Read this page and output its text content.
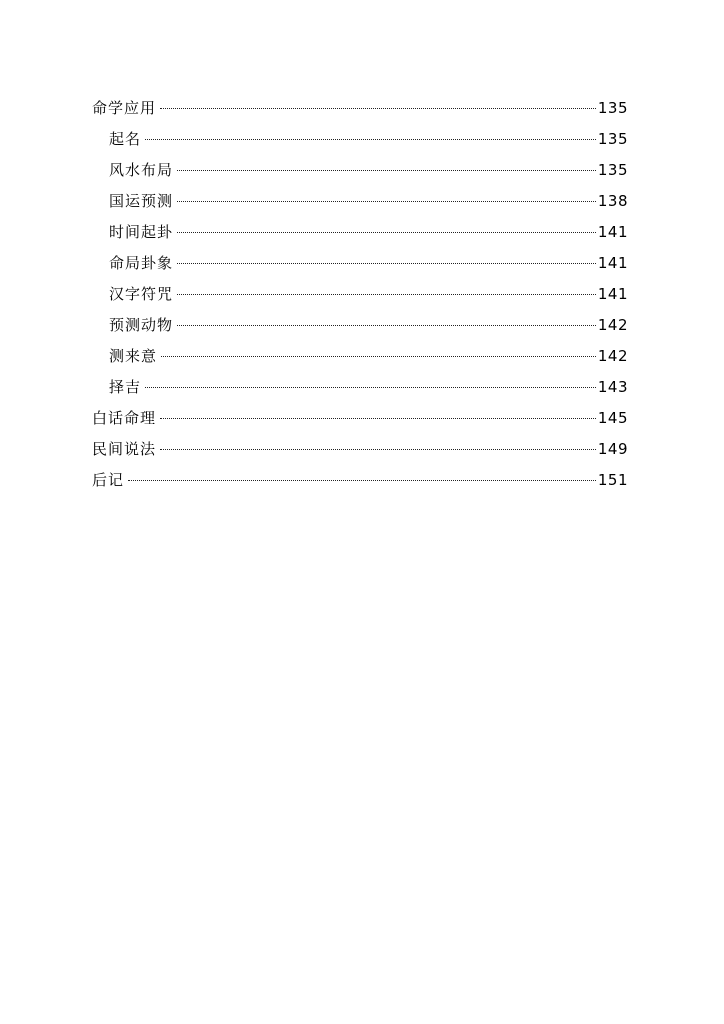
命学应用	135
起名	135
风水布局	135
国运预测	138
时间起卦	141
命局卦象	141
汉字符咒	141
预测动物	142
测来意	142
择吉	143
白话命理	145
民间说法	149
后记	151
